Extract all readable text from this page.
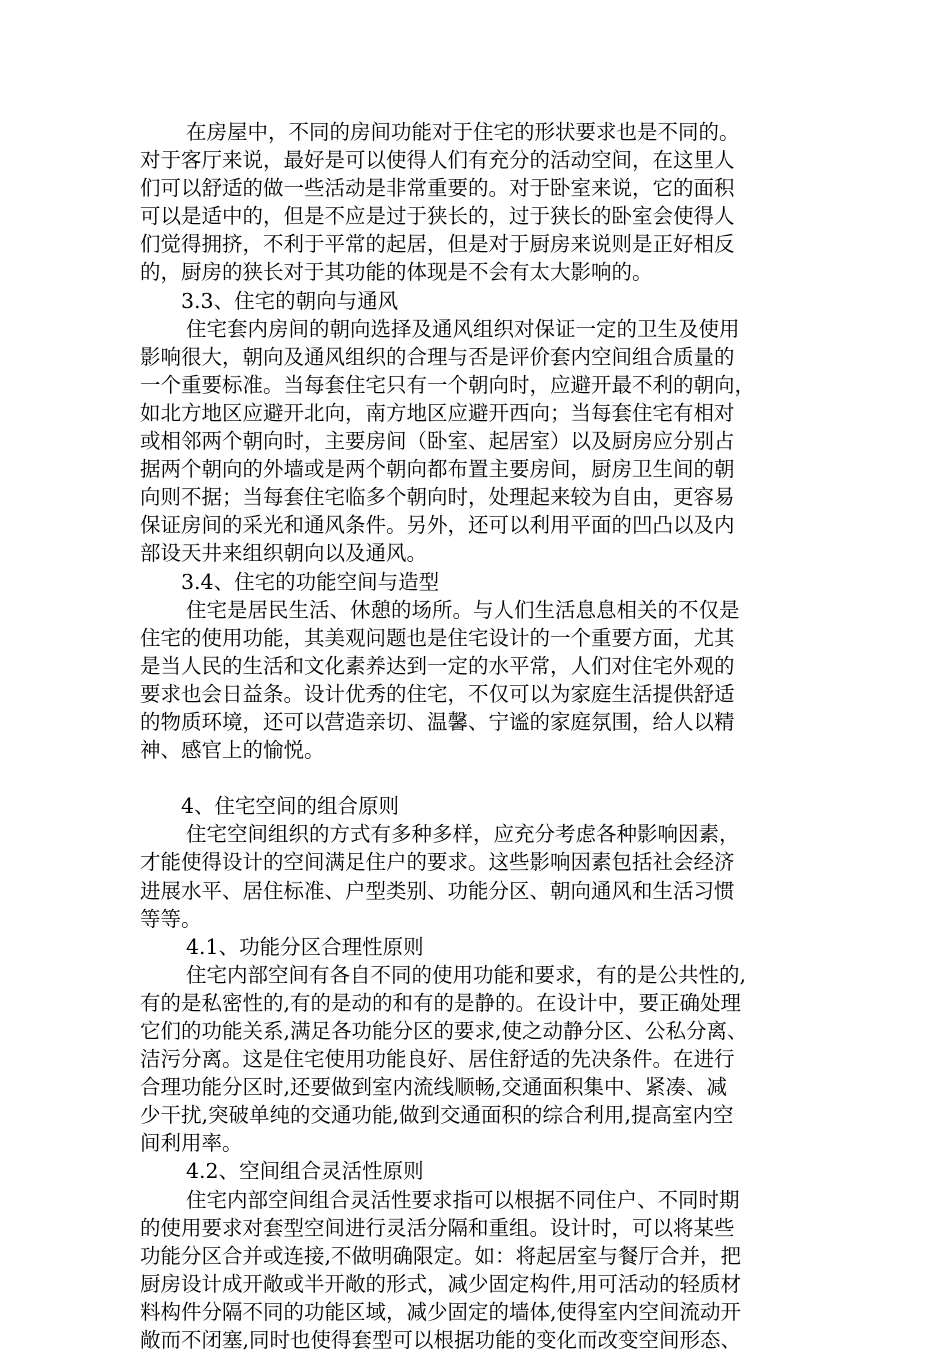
在房屋中，不同的房间功能对于住宅的形状要求也是不同的。
对于客厅来说，最好是可以使得人们有充分的活动空间，在这里人
们可以舒适的做一些活动是非常重要的。对于卧室来说，它的面积
可以是适中的，但是不应是过于狭长的，过于狭长的卧室会使得人
们觉得拥挤，不利于平常的起居，但是对于厨房来说则是正好相反
的，厨房的狭长对于其功能的体现是不会有太大影响的。
3.3、住宅的朝向与通风
住宅套内房间的朝向选择及通风组织对保证一定的卫生及使用
影响很大，朝向及通风组织的合理与否是评价套内空间组合质量的
一个重要标准。当每套住宅只有一个朝向时，应避开最不利的朝向，
如北方地区应避开北向，南方地区应避开西向；当每套住宅有相对
或相邻两个朝向时，主要房间（卧室、起居室）以及厨房应分别占
据两个朝向的外墙或是两个朝向都布置主要房间，厨房卫生间的朝
向则不据；当每套住宅临多个朝向时，处理起来较为自由，更容易
保证房间的采光和通风条件。另外，还可以利用平面的凹凸以及内
部设天井来组织朝向以及通风。
3.4、住宅的功能空间与造型
住宅是居民生活、休憩的场所。与人们生活息息相关的不仅是
住宅的使用功能，其美观问题也是住宅设计的一个重要方面，尤其
是当人民的生活和文化素养达到一定的水平常，人们对住宅外观的
要求也会日益条。设计优秀的住宅，不仅可以为家庭生活提供舒适
的物质环境，还可以营造亲切、温馨、宁谧的家庭氛围，给人以精
神、感官上的愉悦。
4、住宅空间的组合原则
住宅空间组织的方式有多种多样，应充分考虑各种影响因素，
才能使得设计的空间满足住户的要求。这些影响因素包括社会经济
进展水平、居住标准、户型类别、功能分区、朝向通风和生活习惯
等等。
4.1、功能分区合理性原则
住宅内部空间有各自不同的使用功能和要求，有的是公共性的,
有的是私密性的,有的是动的和有的是静的。在设计中，要正确处理
它们的功能关系,满足各功能分区的要求,使之动静分区、公私分离、
洁污分离。这是住宅使用功能良好、居住舒适的先决条件。在进行
合理功能分区时,还要做到室内流线顺畅,交通面积集中、紧凑、减
少干扰,突破单纯的交通功能,做到交通面积的综合利用,提高室内空
间利用率。
4.2、空间组合灵活性原则
住宅内部空间组合灵活性要求指可以根据不同住户、不同时期
的使用要求对套型空间进行灵活分隔和重组。设计时，可以将某些
功能分区合并或连接,不做明确限定。如：将起居室与餐厅合并，把
厨房设计成开敞或半开敞的形式，减少固定构件,用可活动的轻质材
料构件分隔不同的功能区域，减少固定的墙体,使得室内空间流动开
敞而不闭塞,同时也使得套型可以根据功能的变化而改变空间形态、
